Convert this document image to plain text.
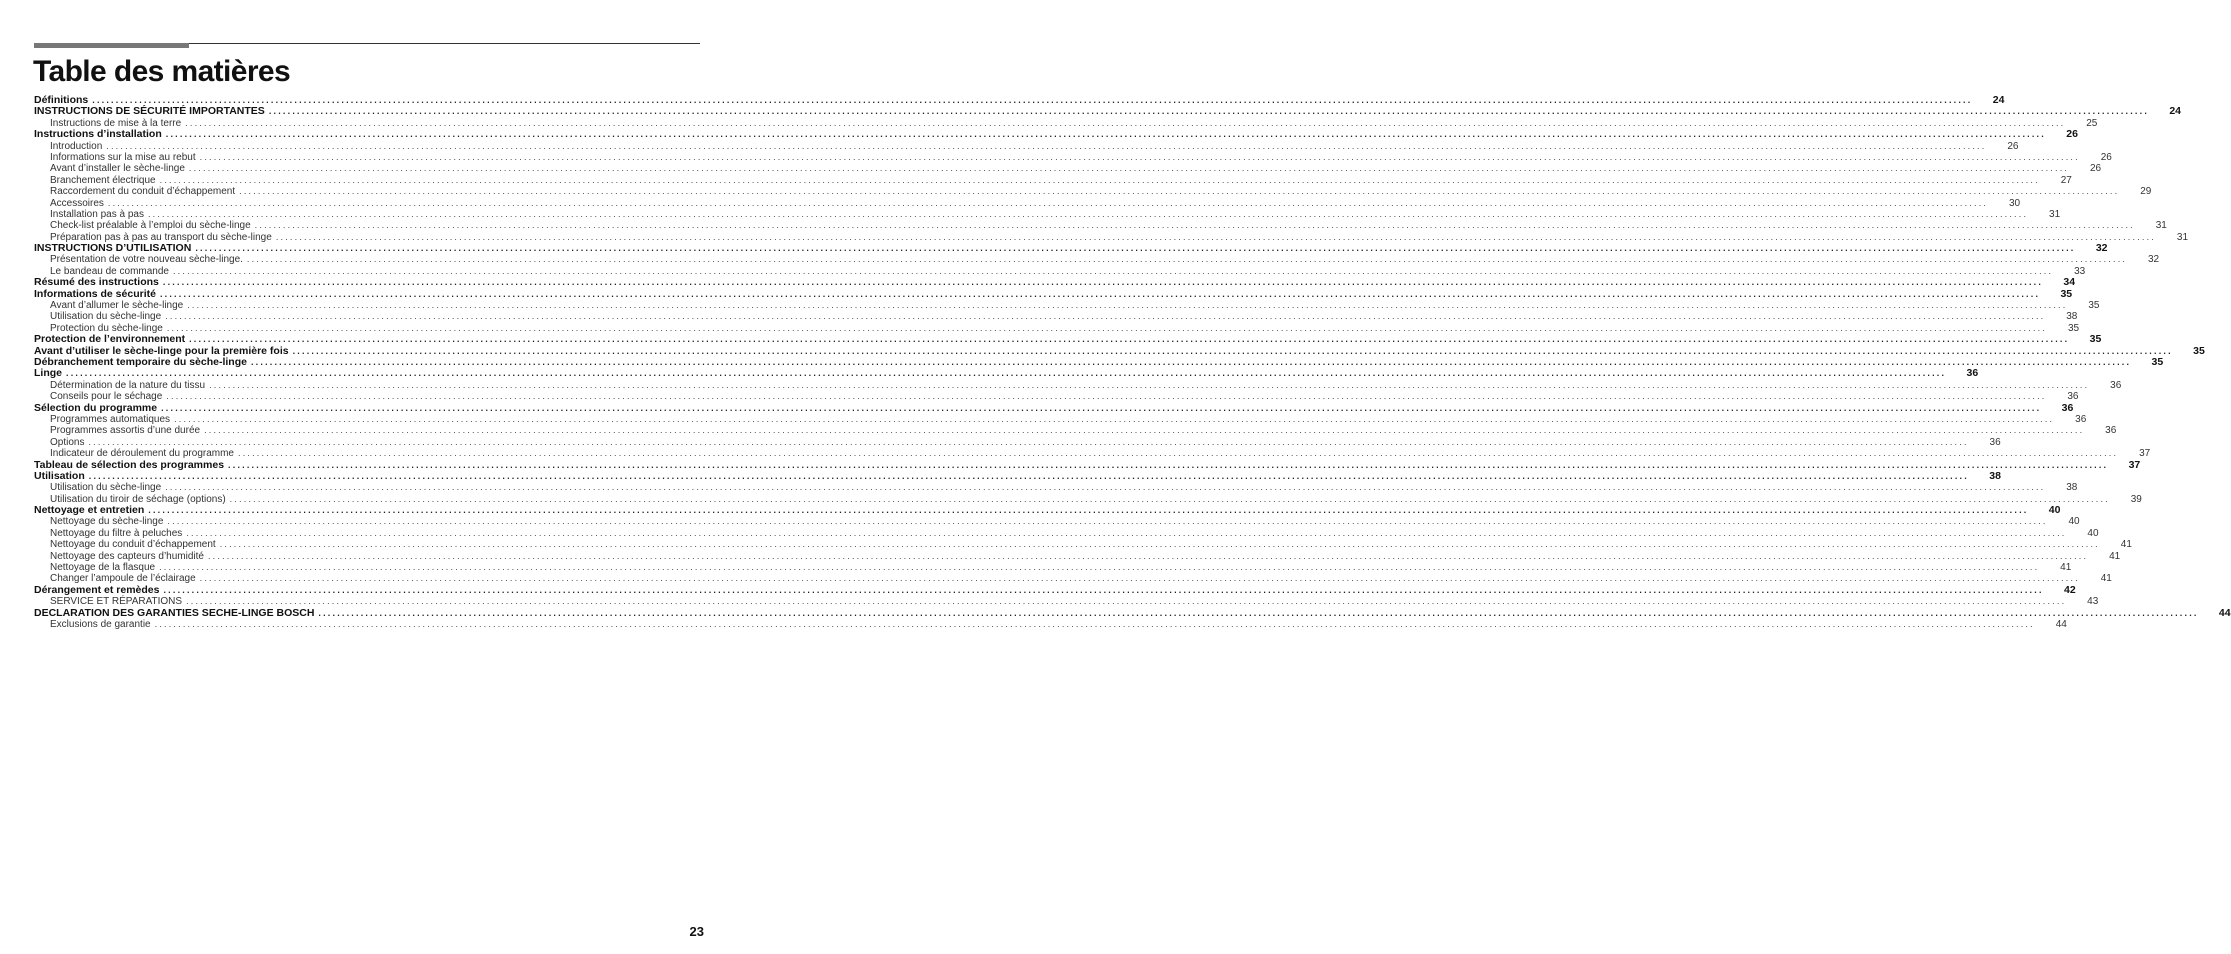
Table des matières
Définitions ................................................................................................................................................................................................................................................................................................................................................................................................................	24
INSTRUCTIONS DE SÉCURITÉ IMPORTANTES ................................................................................................................................................................................................................................................................................................................................................................................................................	24
Instructions de mise à la terre ................................................................................................................................................................................................................................................................................................................................................................................................................	25
Instructions d’installation ................................................................................................................................................................................................................................................................................................................................................................................................................	26
Introduction ................................................................................................................................................................................................................................................................................................................................................................................................................	26
Informations sur la mise au rebut ................................................................................................................................................................................................................................................................................................................................................................................................................	26
Avant d’installer le sèche-linge ................................................................................................................................................................................................................................................................................................................................................................................................................	26
Branchement électrique ................................................................................................................................................................................................................................................................................................................................................................................................................	27
Raccordement du conduit d’échappement ................................................................................................................................................................................................................................................................................................................................................................................................................	29
Accessoires ................................................................................................................................................................................................................................................................................................................................................................................................................	30
Installation pas à pas ................................................................................................................................................................................................................................................................................................................................................................................................................	31
Check-list préalable à l’emploi du sèche-linge ................................................................................................................................................................................................................................................................................................................................................................................................................	31
Préparation pas à pas au transport du sèche-linge ................................................................................................................................................................................................................................................................................................................................................................................................................	31
INSTRUCTIONS D’UTILISATION ................................................................................................................................................................................................................................................................................................................................................................................................................	32
Présentation de votre nouveau sèche-linge. ................................................................................................................................................................................................................................................................................................................................................................................................................	32
Le bandeau de commande ................................................................................................................................................................................................................................................................................................................................................................................................................	33
Résumé des instructions ................................................................................................................................................................................................................................................................................................................................................................................................................	34
Informations de sécurité ................................................................................................................................................................................................................................................................................................................................................................................................................	35
Avant d’allumer le sèche-linge ................................................................................................................................................................................................................................................................................................................................................................................................................	35
Utilisation du sèche-linge ................................................................................................................................................................................................................................................................................................................................................................................................................	38
Protection du sèche-linge ................................................................................................................................................................................................................................................................................................................................................................................................................	35
Protection de l’environnement ................................................................................................................................................................................................................................................................................................................................................................................................................	35
Avant d’utiliser le sèche-linge pour la première fois ................................................................................................................................................................................................................................................................................................................................................................................................................	35
Débranchement temporaire du sèche-linge ................................................................................................................................................................................................................................................................................................................................................................................................................	35
Linge ................................................................................................................................................................................................................................................................................................................................................................................................................	36
Détermination de la nature du tissu ................................................................................................................................................................................................................................................................................................................................................................................................................	36
Conseils pour le séchage ................................................................................................................................................................................................................................................................................................................................................................................................................	36
Sélection du programme ................................................................................................................................................................................................................................................................................................................................................................................................................	36
Programmes automatiques ................................................................................................................................................................................................................................................................................................................................................................................................................	36
Programmes assortis d’une durée ................................................................................................................................................................................................................................................................................................................................................................................................................	36
Options ................................................................................................................................................................................................................................................................................................................................................................................................................	36
Indicateur de déroulement du programme ................................................................................................................................................................................................................................................................................................................................................................................................................	37
Tableau de sélection des programmes ................................................................................................................................................................................................................................................................................................................................................................................................................	37
Utilisation ................................................................................................................................................................................................................................................................................................................................................................................................................	38
Utilisation du sèche-linge ................................................................................................................................................................................................................................................................................................................................................................................................................	38
Utilisation du tiroir de séchage (options) ................................................................................................................................................................................................................................................................................................................................................................................................................	39
Nettoyage et entretien ................................................................................................................................................................................................................................................................................................................................................................................................................	40
Nettoyage du sèche-linge ................................................................................................................................................................................................................................................................................................................................................................................................................	40
Nettoyage du filtre à peluches ................................................................................................................................................................................................................................................................................................................................................................................................................	40
Nettoyage du conduit d’échappement ................................................................................................................................................................................................................................................................................................................................................................................................................	41
Nettoyage des capteurs d’humidité ................................................................................................................................................................................................................................................................................................................................................................................................................	41
Nettoyage de la flasque ................................................................................................................................................................................................................................................................................................................................................................................................................	41
Changer l’ampoule de l’éclairage ................................................................................................................................................................................................................................................................................................................................................................................................................	41
Dérangement et remèdes ................................................................................................................................................................................................................................................................................................................................................................................................................	42
SERVICE ET RÉPARATIONS ................................................................................................................................................................................................................................................................................................................................................................................................................	43
DECLARATION DES GARANTIES SECHE-LINGE BOSCH ................................................................................................................................................................................................................................................................................................................................................................................................................	44
Exclusions de garantie ................................................................................................................................................................................................................................................................................................................................................................................................................	44
23
